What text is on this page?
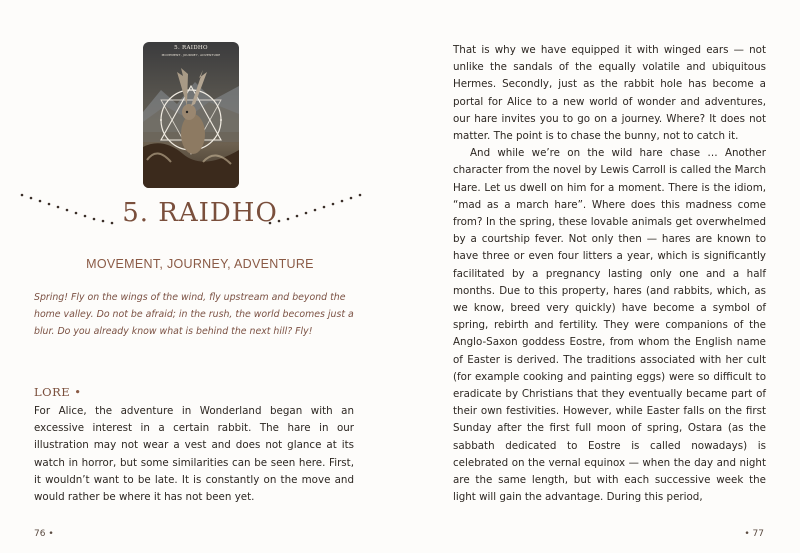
5. RAIDHO
MOVEMENT, JOURNEY, ADVENTURE
5. RAIDHO
MOVEMENT, JOURNEY, ADVENTURE

Spring! Fly on the wings of the wind, fly upstream and beyond the home valley. Do not be afraid; in the rush, the world becomes just a blur. Do you already know what is behind the next hill? Fly!

LORE •

For Alice, the adventure in Wonderland began with an excessive interest in a certain rabbit. The hare in our illustration may not wear a vest and does not glance at its watch in horror, but some similarities can be seen here. First, it wouldn’t want to be late. It is constantly on the move and would rather be where it has not been yet.

76 •

That is why we have equipped it with winged ears — not unlike the sandals of the equally volatile and ubiquitous Hermes. Secondly, just as the rabbit hole has become a portal for Alice to a new world of wonder and adventures, our hare invites you to go on a journey. Where? It does not matter. The point is to chase the bunny, not to catch it.

And while we’re on the wild hare chase … Another character from the novel by Lewis Carroll is called the March Hare. Let us dwell on him for a moment. There is the idiom, “mad as a march hare”. Where does this madness come from? In the spring, these lovable animals get overwhelmed by a courtship fever. Not only then — hares are known to have three or even four litters a year, which is significantly facilitated by a pregnancy lasting only one and a half months. Due to this property, hares (and rabbits, which, as we know, breed very quickly) have become a symbol of spring, rebirth and fertility. They were companions of the Anglo-Saxon goddess Eostre, from whom the English name of Easter is derived. The traditions associated with her cult (for example cooking and painting eggs) were so difficult to eradicate by Christians that they eventually became part of their own festivities. However, while Easter falls on the first Sunday after the first full moon of spring, Ostara (as the sabbath dedicated to Eostre is called nowadays) is celebrated on the vernal equinox — when the day and night are the same length, but with each successive week the light will gain the advantage. During this period,

• 77
